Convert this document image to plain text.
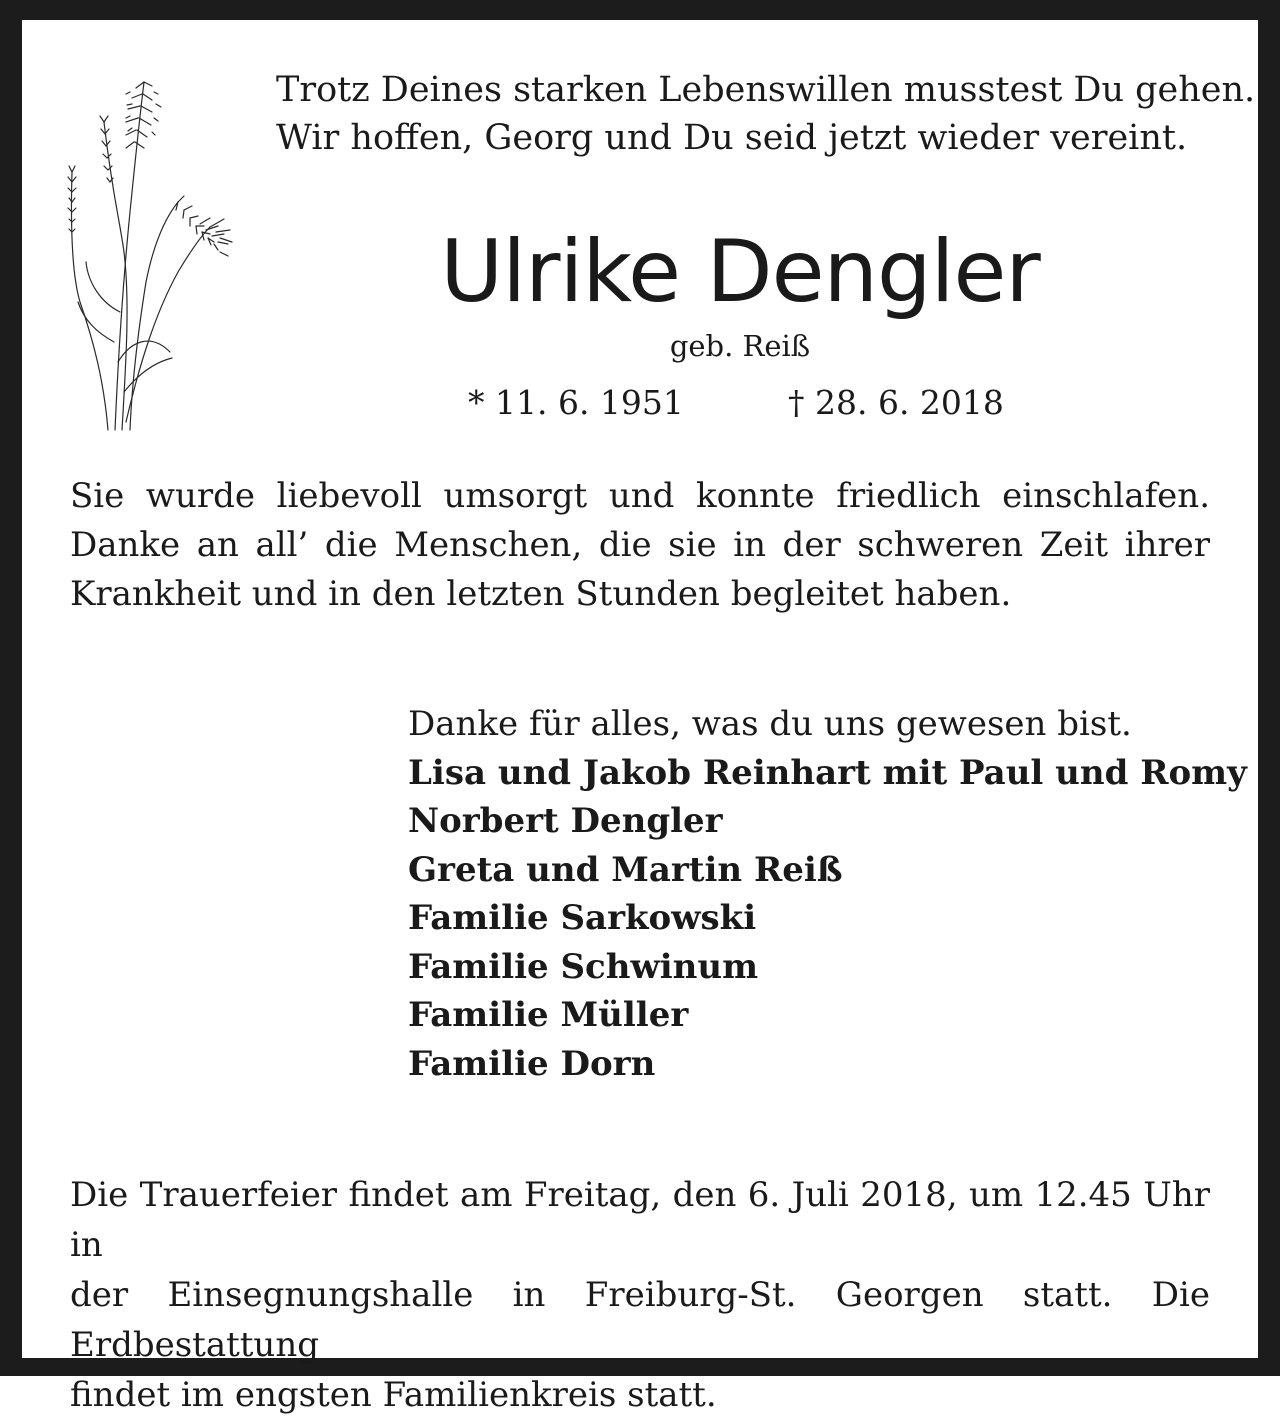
Trotz Deines starken Lebenswillen musstest Du gehen.
Wir hoffen, Georg und Du seid jetzt wieder vereint.
Ulrike Dengler
geb. Reiß
* 11. 6. 1951	† 28. 6. 2018
Sie wurde liebevoll umsorgt und konnte friedlich einschlafen.
Danke an all’ die Menschen, die sie in der schweren Zeit ihrer
Krankheit und in den letzten Stunden begleitet haben.
Danke für alles, was du uns gewesen bist.
Lisa und Jakob Reinhart mit Paul und Romy
Norbert Dengler
Greta und Martin Reiß
Familie Sarkowski
Familie Schwinum
Familie Müller
Familie Dorn
Die Trauerfeier findet am Freitag, den 6. Juli 2018, um 12.45 Uhr in
der Einsegnungshalle in Freiburg-St. Georgen statt. Die Erdbestattung
findet im engsten Familienkreis statt.
